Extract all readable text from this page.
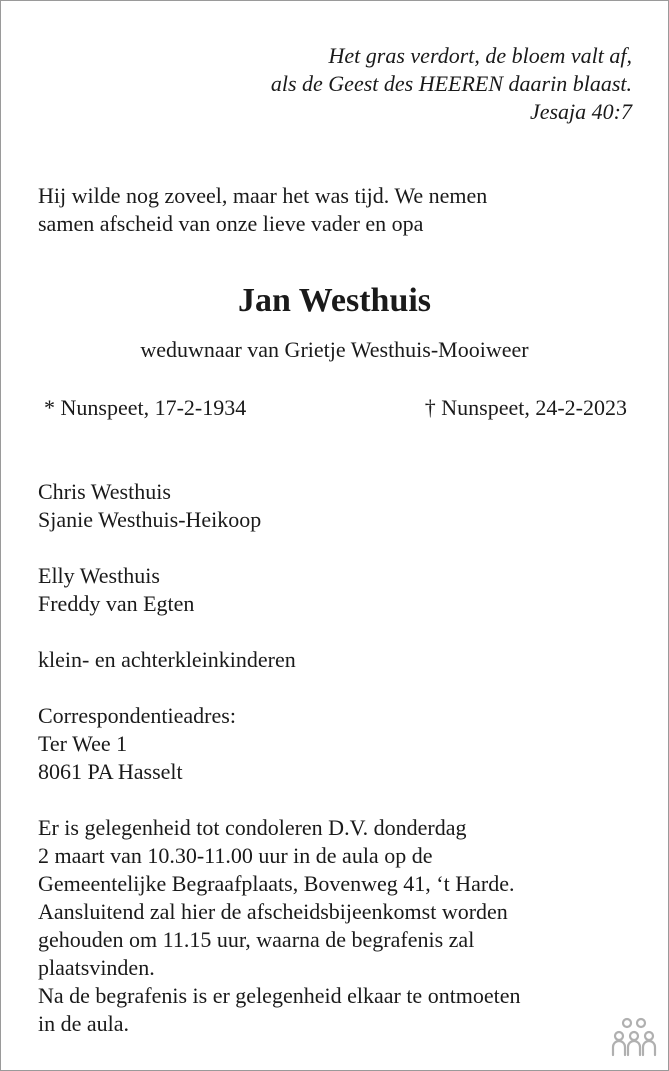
Het gras verdort, de bloem valt af,
als de Geest des HEEREN daarin blaast.
Jesaja 40:7
Hij wilde nog zoveel, maar het was tijd. We nemen
samen afscheid van onze lieve vader en opa
Jan Westhuis
weduwnaar van Grietje Westhuis-Mooiweer
* Nunspeet, 17-2-1934	† Nunspeet, 24-2-2023
Chris Westhuis
Sjanie Westhuis-Heikoop
Elly Westhuis
Freddy van Egten
klein- en achterkleinkinderen
Correspondentieadres:
Ter Wee 1
8061 PA Hasselt
Er is gelegenheid tot condoleren D.V. donderdag
2 maart van 10.30-11.00 uur in de aula op de
Gemeentelijke Begraafplaats, Bovenweg 41, ‘t Harde.
Aansluitend zal hier de afscheidsbijeenkomst worden
gehouden om 11.15 uur, waarna de begrafenis zal
plaatsvinden.
Na de begrafenis is er gelegenheid elkaar te ontmoeten
in de aula.
